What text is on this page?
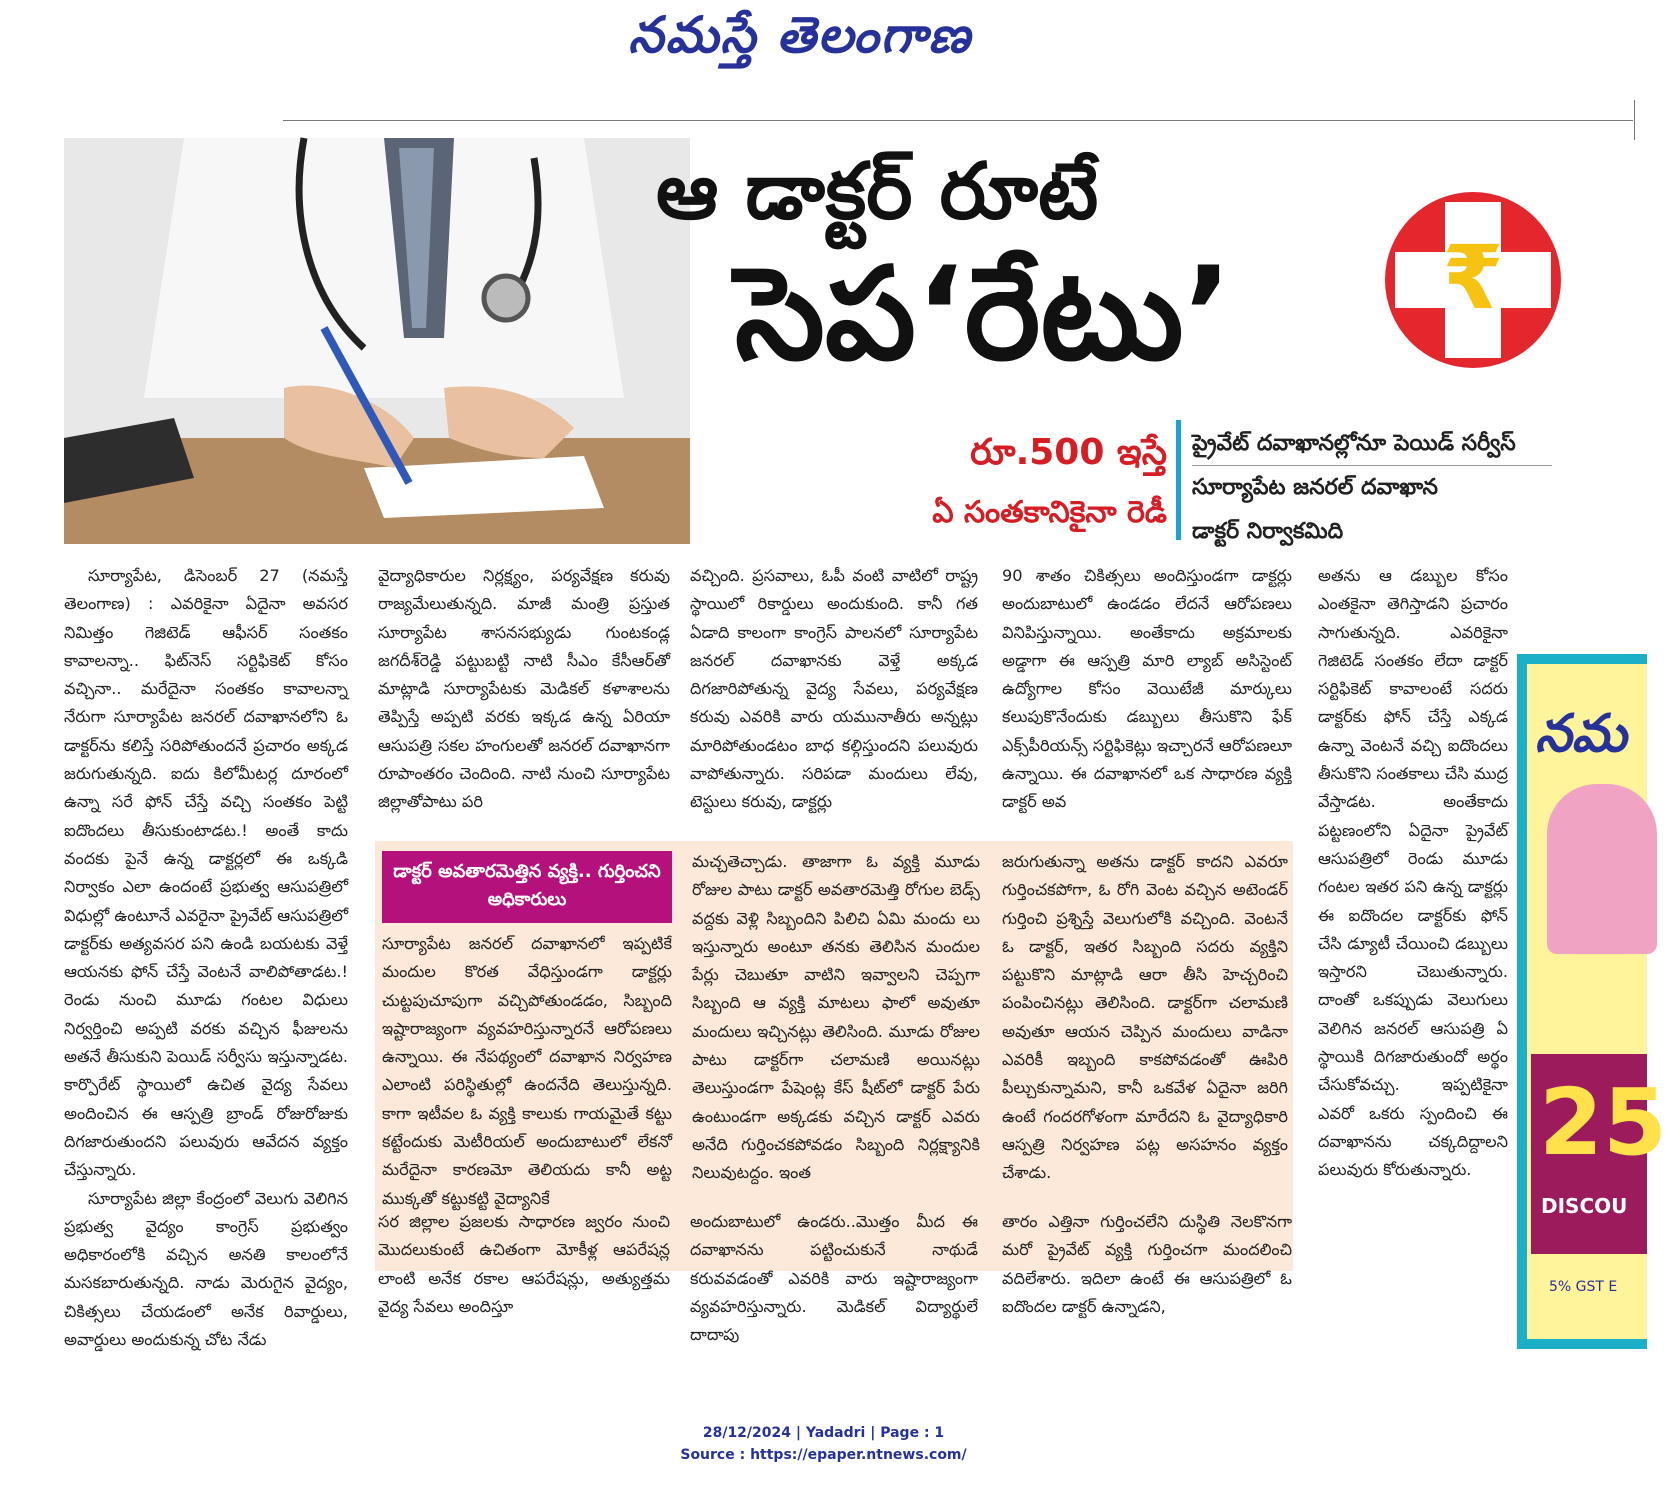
నమస్తే తెలంగాణ
ఆ డాక్టర్ రూటే
సెప‘రేటు’	₹
రూ.500 ఇస్తే
ఏ సంతకానికైనా రెడీ
ప్రైవేట్ దవాఖానల్లోనూ పెయిడ్ సర్వీస్
సూర్యాపేట జనరల్ దవాఖాన
డాక్టర్ నిర్వాకమిది
డాక్టర్ అవతారమెత్తిన వ్యక్తి.. గుర్తించని అధికారులు

సూర్యాపేట, డిసెంబర్ 27 (నమస్తే తెలంగాణ) : ఎవరికైనా ఏదైనా అవసర నిమిత్తం గెజిటెడ్ ఆఫీసర్ సంతకం కావాలన్నా.. ఫిట్‌నెస్ సర్టిఫికెట్ కోసం వచ్చినా.. మరేదైనా సంతకం కావాలన్నా నేరుగా సూర్యాపేట జనరల్ దవాఖానలోని ఓ డాక్టర్‌ను కలిస్తే సరిపోతుందనే ప్రచారం అక్కడ జరుగుతున్నది. ఐదు కిలోమీటర్ల దూరంలో ఉన్నా సరే ఫోన్ చేస్తే వచ్చి సంతకం పెట్టి ఐదొందలు తీసుకుంటాడట.! అంతే కాదు వందకు పైనే ఉన్న డాక్టర్లలో ఈ ఒక్కడి నిర్వాకం ఎలా ఉందంటే ప్రభుత్వ ఆసుపత్రిలో విధుల్లో ఉంటూనే ఎవరైనా ప్రైవేట్ ఆసుపత్రిలో డాక్టర్‌కు అత్యవసర పని ఉండి బయటకు వెళ్తే ఆయనకు ఫోన్ చేస్తే వెంటనే వాలిపోతాడట.! రెండు నుంచి మూడు గంటల విధులు నిర్వర్తించి అప్పటి వరకు వచ్చిన ఫీజులను అతనే తీసుకుని పెయిడ్ సర్వీసు ఇస్తున్నాడట. కార్పొరేట్ స్థాయిలో ఉచిత వైద్య సేవలు అందించిన ఈ ఆస్పత్రి బ్రాండ్ రోజురోజుకు దిగజారుతుందని పలువురు ఆవేదన వ్యక్తం చేస్తున్నారు.

సూర్యాపేట జిల్లా కేంద్రంలో వెలుగు వెలిగిన ప్రభుత్వ వైద్యం కాంగ్రెస్ ప్రభుత్వం అధికారంలోకి వచ్చిన అనతి కాలంలోనే మసకబారుతున్నది. నాడు మెరుగైన వైద్యం, చికిత్సలు చేయడంలో అనేక రివార్డులు, అవార్డులు అందుకున్న చోట నేడు

వైద్యాధికారుల నిర్లక్ష్యం, పర్యవేక్షణ కరువు రాజ్యమేలుతున్నది. మాజీ మంత్రి ప్రస్తుత సూర్యాపేట శాసనసభ్యుడు గుంటకండ్ల జగదీశ్‌రెడ్డి పట్టుబట్టి నాటి సీఎం కేసీఆర్‌తో మాట్లాడి సూర్యాపేటకు మెడికల్ కళాశాలను తెప్పిస్తే అప్పటి వరకు ఇక్కడ ఉన్న ఏరియా ఆసుపత్రి సకల హంగులతో జనరల్ దవాఖానగా రూపాంతరం చెందింది. నాటి నుంచి సూర్యాపేట జిల్లాతోపాటు పరి
సర జిల్లాల ప్రజలకు సాధారణ జ్వరం నుంచి మొదలుకుంటే ఉచితంగా మోకీళ్ల ఆపరేషన్ల లాంటి అనేక రకాల ఆపరేషన్లు, అత్యుత్తమ వైద్య సేవలు అందిస్తూ
వచ్చింది. ప్రసవాలు, ఓపీ వంటి వాటిలో రాష్ట్ర స్థాయిలో రికార్డులు అందుకుంది. కానీ గత ఏడాది కాలంగా కాంగ్రెస్ పాలనలో సూర్యాపేట జనరల్ దవాఖానకు వెళ్తే అక్కడ దిగజారిపోతున్న వైద్య సేవలు, పర్యవేక్షణ కరువు ఎవరికి వారు యమునాతీరు అన్నట్లు మారిపోతుండటం బాధ కల్గిస్తుందని పలువురు వాపోతున్నారు. సరిపడా మందులు లేవు, టెస్టులు కరువు, డాక్టర్లు
అందుబాటులో ఉండరు..మొత్తం మీద ఈ దవాఖానను పట్టించుకునే నాథుడే కరువవడంతో ఎవరికి వారు ఇష్టారాజ్యంగా వ్యవహరిస్తున్నారు. మెడికల్ విద్యార్థులే దాదాపు
90 శాతం చికిత్సలు అందిస్తుండగా డాక్టర్లు అందుబాటులో ఉండడం లేదనే ఆరోపణలు వినిపిస్తున్నాయి. అంతేకాదు అక్రమాలకు అడ్డాగా ఈ ఆస్పత్రి మారి ల్యాబ్ అసిస్టెంట్ ఉద్యోగాల కోసం వెయిటేజీ మార్కులు కలుపుకొనేందుకు డబ్బులు తీసుకొని ఫేక్ ఎక్స్‌పీరియన్స్ సర్టిఫికెట్లు ఇచ్చారనే ఆరోపణలూ ఉన్నాయి. ఈ దవాఖానలో ఒక సాధారణ వ్యక్తి డాక్టర్ అవ
తారం ఎత్తినా గుర్తించలేని దుస్థితి నెలకొనగా మరో ప్రైవేట్ వ్యక్తి గుర్తించగా మందలించి వదిలేశారు. ఇదిలా ఉంటే ఈ ఆసుపత్రిలో ఓ ఐదొందల డాక్టర్ ఉన్నాడని,
అతను ఆ డబ్బుల కోసం ఎంతకైనా తెగిస్తాడని ప్రచారం సాగుతున్నది. ఎవరికైనా గెజిటెడ్ సంతకం లేదా డాక్టర్ సర్టిఫికెట్ కావాలంటే సదరు డాక్టర్‌కు ఫోన్ చేస్తే ఎక్కడ ఉన్నా వెంటనే వచ్చి ఐదొందలు తీసుకొని సంతకాలు చేసి ముద్ర వేస్తాడట. అంతేకాదు పట్టణంలోని ఏదైనా ప్రైవేట్ ఆసుపత్రిలో రెండు మూడు గంటల ఇతర పని ఉన్న డాక్టర్లు ఈ ఐదొందల డాక్టర్‌కు ఫోన్ చేసి డ్యూటీ చేయించి డబ్బులు ఇస్తారని చెబుతున్నారు. దాంతో ఒకప్పుడు వెలుగులు వెలిగిన జనరల్ ఆసుపత్రి ఏ స్థాయికి దిగజారుతుందో అర్థం చేసుకోవచ్చు. ఇప్పటికైనా ఎవరో ఒకరు స్పందించి ఈ దవాఖానను చక్కదిద్దాలని పలువురు కోరుతున్నారు.
సూర్యాపేట జనరల్ దవాఖానలో ఇప్పటికే మందుల కొరత వేధిస్తుండగా డాక్టర్లు చుట్టపుచూపుగా వచ్చిపోతుండడం, సిబ్బంది ఇష్టారాజ్యంగా వ్యవహరిస్తున్నారనే ఆరోపణలు ఉన్నాయి. ఈ నేపథ్యంలో దవాఖాన నిర్వహణ ఎలాంటి పరిస్థితుల్లో ఉందనేది తెలుస్తున్నది. కాగా ఇటీవల ఓ వ్యక్తి కాలుకు గాయమైతే కట్టు కట్టేందుకు మెటీరియల్ అందుబాటులో లేకనో మరేదైనా కారణమో తెలియదు కానీ అట్ట ముక్కతో కట్టుకట్టి వైద్యానికే
మచ్చతెచ్చాడు. తాజాగా ఓ వ్యక్తి మూడు రోజుల పాటు డాక్టర్ అవతారమెత్తి రోగుల బెడ్స్ వద్దకు వెళ్లి సిబ్బందిని పిలిచి ఏమి మందు లు ఇస్తున్నారు అంటూ తనకు తెలిసిన మందుల పేర్లు చెబుతూ వాటిని ఇవ్వాలని చెప్పగా సిబ్బంది ఆ వ్యక్తి మాటలు ఫాలో అవుతూ మందులు ఇచ్చినట్లు తెలిసింది. మూడు రోజుల పాటు డాక్టర్‌గా చలామణి అయినట్లు తెలుస్తుండగా పేషెంట్ల కేస్ షీట్‌లో డాక్టర్ పేరు ఉంటుండగా అక్కడకు వచ్చిన డాక్టర్ ఎవరు అనేది గుర్తించకపోవడం సిబ్బంది నిర్లక్ష్యానికి నిలువుటద్దం. ఇంత
జరుగుతున్నా అతను డాక్టర్ కాదని ఎవరూ గుర్తించకపోగా, ఓ రోగి వెంట వచ్చిన అటెండర్ గుర్తించి ప్రశ్నిస్తే వెలుగులోకి వచ్చింది. వెంటనే ఓ డాక్టర్, ఇతర సిబ్బంది సదరు వ్యక్తిని పట్టుకొని మాట్లాడి ఆరా తీసి హెచ్చరించి పంపించినట్లు తెలిసింది. డాక్టర్‌గా చలామణి అవుతూ ఆయన చెప్పిన మందులు వాడినా ఎవరికీ ఇబ్బంది కాకపోవడంతో ఊపిరి పీల్చుకున్నామని, కానీ ఒకవేళ ఏదైనా జరిగి ఉంటే గందరగోళంగా మారేదని ఓ వైద్యాధికారి ఆస్పత్రి నిర్వహణ పట్ల అసహనం వ్యక్తం చేశాడు.
నమ
25
DISCOU
5% GST E
28/12/2024 | Yadadri | Page : 1
Source : https://epaper.ntnews.com/
